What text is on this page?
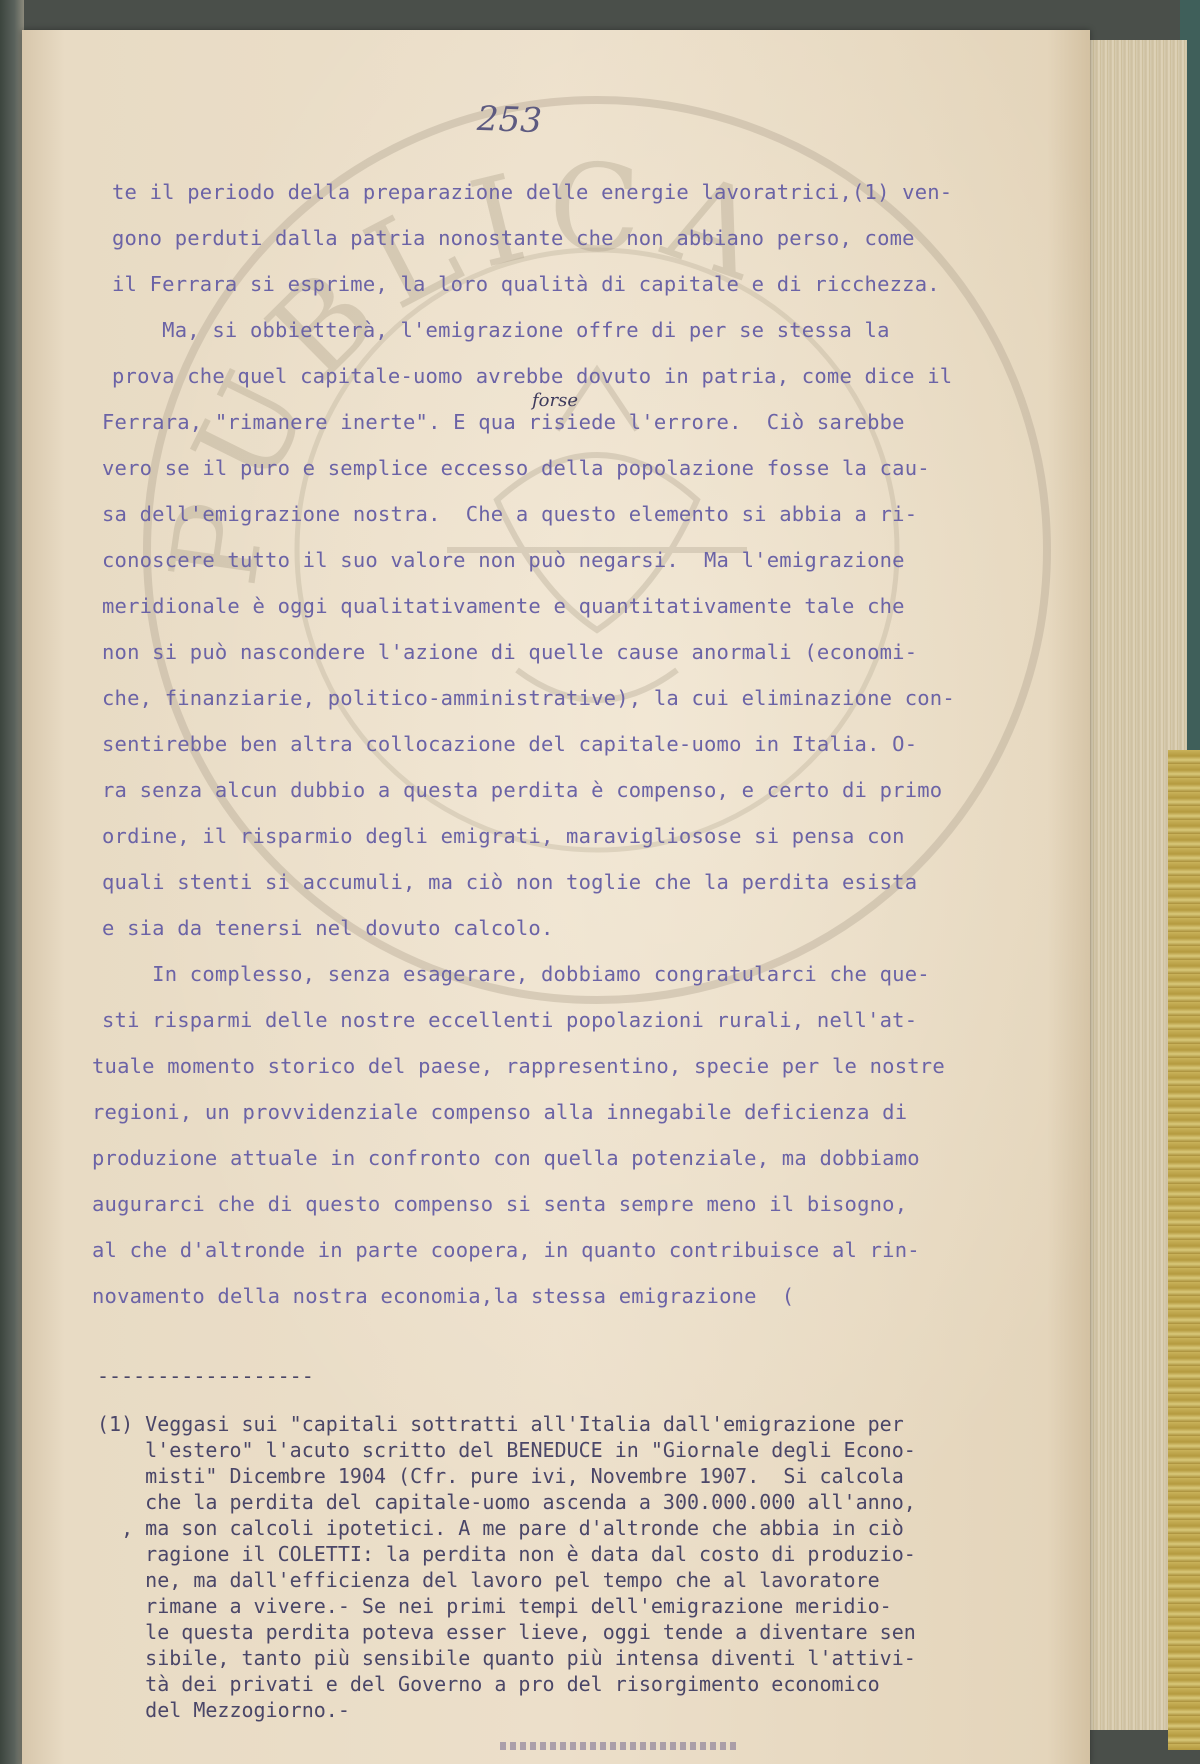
PUBLICA
253
te il periodo della preparazione delle energie lavoratrici,(1) ven-
gono perduti dalla patria nonostante che non abbiano perso, come
il Ferrara si esprime, la loro qualità di capitale e di ricchezza.
Ma, si obbietterà, l'emigrazione offre di per se stessa la
prova che quel capitale-uomo avrebbe dovuto in patria, come dice il
Ferrara, "rimanere inerte". E qua risiede l'errore.  Ciò sarebbe
vero se il puro e semplice eccesso della popolazione fosse la cau-
sa dell'emigrazione nostra.  Che a questo elemento si abbia a ri-
conoscere tutto il suo valore non può negarsi.  Ma l'emigrazione
meridionale è oggi qualitativamente e quantitativamente tale che
non si può nascondere l'azione di quelle cause anormali (economi-
che, finanziarie, politico-amministrative), la cui eliminazione con-
sentirebbe ben altra collocazione del capitale-uomo in Italia. O-
ra senza alcun dubbio a questa perdita è compenso, e certo di primo
ordine, il risparmio degli emigrati, maravigliosose si pensa con
quali stenti si accumuli, ma ciò non toglie che la perdita esista
e sia da tenersi nel dovuto calcolo.
In complesso, senza esagerare, dobbiamo congratularci che que-
sti risparmi delle nostre eccellenti popolazioni rurali, nell'at-
tuale momento storico del paese, rappresentino, specie per le nostre
regioni, un provvidenziale compenso alla innegabile deficienza di
produzione attuale in confronto con quella potenziale, ma dobbiamo
augurarci che di questo compenso si senta sempre meno il bisogno,
al che d'altronde in parte coopera, in quanto contribuisce al rin-
novamento della nostra economia,la stessa emigrazione  (
forse
------------------
(1) Veggasi sui "capitali sottratti all'Italia dall'emigrazione per
l'estero" l'acuto scritto del BENEDUCE in "Giornale degli Econo-
misti" Dicembre 1904 (Cfr. pure ivi, Novembre 1907.  Si calcola
che la perdita del capitale-uomo ascenda a 300.000.000 all'anno,
, ma son calcoli ipotetici. A me pare d'altronde che abbia in ciò
ragione il COLETTI: la perdita non è data dal costo di produzio-
ne, ma dall'efficienza del lavoro pel tempo che al lavoratore
rimane a vivere.- Se nei primi tempi dell'emigrazione meridio-
le questa perdita poteva esser lieve, oggi tende a diventare sen
sibile, tanto più sensibile quanto più intensa diventi l'attivi-
tà dei privati e del Governo a pro del risorgimento economico
del Mezzogiorno.-
